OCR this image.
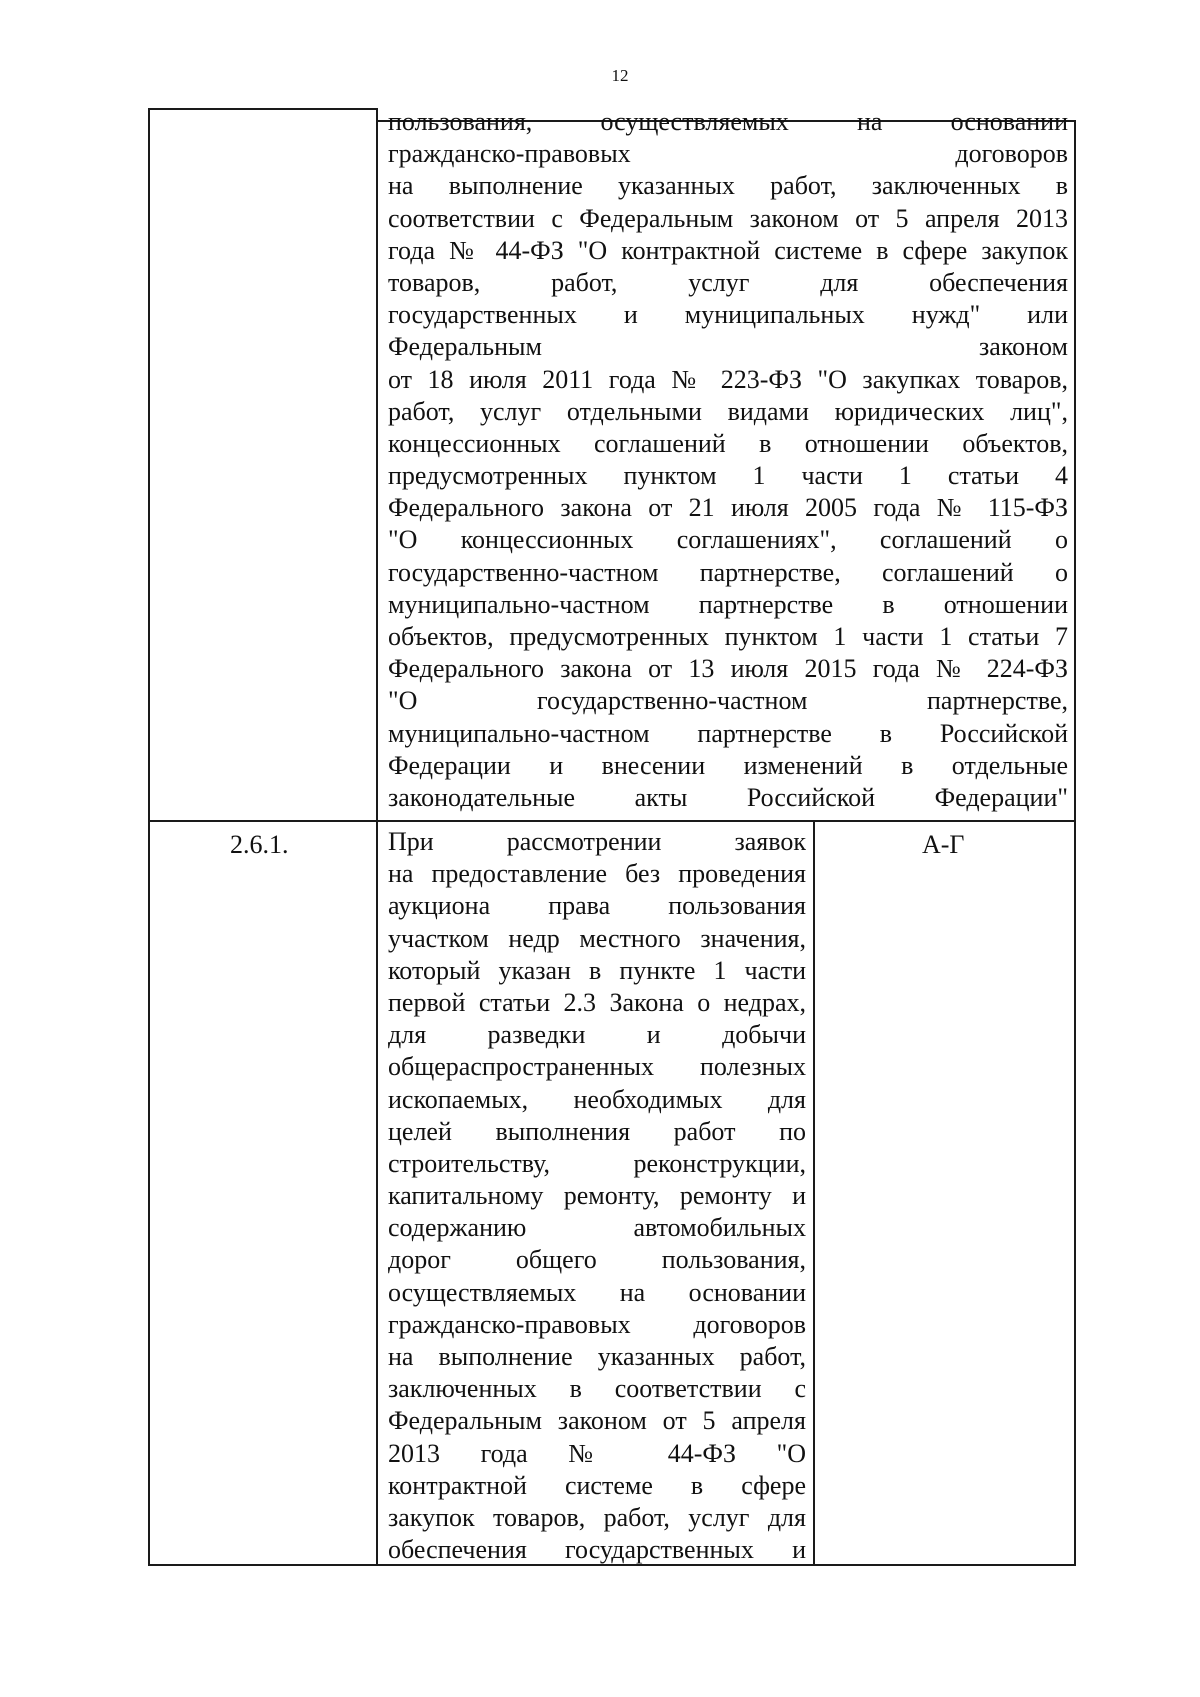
12
пользования, осуществляемых на основании
гражданско-правовых договоров
на выполнение указанных работ, заключенных в
соответствии с Федеральным законом от 5 апреля 2013
года № 44-ФЗ "О контрактной системе в сфере закупок
товаров, работ, услуг для обеспечения
государственных и муниципальных нужд" или
Федеральным законом
от 18 июля 2011 года № 223-ФЗ "О закупках товаров,
работ, услуг отдельными видами юридических лиц",
концессионных соглашений в отношении объектов,
предусмотренных пунктом 1 части 1 статьи 4
Федерального закона от 21 июля 2005 года № 115-ФЗ
"О концессионных соглашениях", соглашений о
государственно-частном партнерстве, соглашений о
муниципально-частном партнерстве в отношении
объектов, предусмотренных пунктом 1 части 1 статьи 7
Федерального закона от 13 июля 2015 года № 224-ФЗ
"О государственно-частном партнерстве,
муниципально-частном партнерстве в Российской
Федерации и внесении изменений в отдельные
законодательные акты Российской Федерации"
2.6.1.	При рассмотрении заявок
на предоставление без проведения
аукциона права пользования
участком недр местного значения,
который указан в пункте 1 части
первой статьи 2.3 Закона о недрах,
для разведки и добычи
общераспространенных полезных
ископаемых, необходимых для
целей выполнения работ по
строительству, реконструкции,
капитальному ремонту, ремонту и
содержанию автомобильных
дорог общего пользования,
осуществляемых на основании
гражданско-правовых договоров
на выполнение указанных работ,
заключенных в соответствии с
Федеральным законом от 5 апреля
2013 года № 44-ФЗ "О
контрактной системе в сфере
закупок товаров, работ, услуг для
обеспечения государственных и
А-Г
